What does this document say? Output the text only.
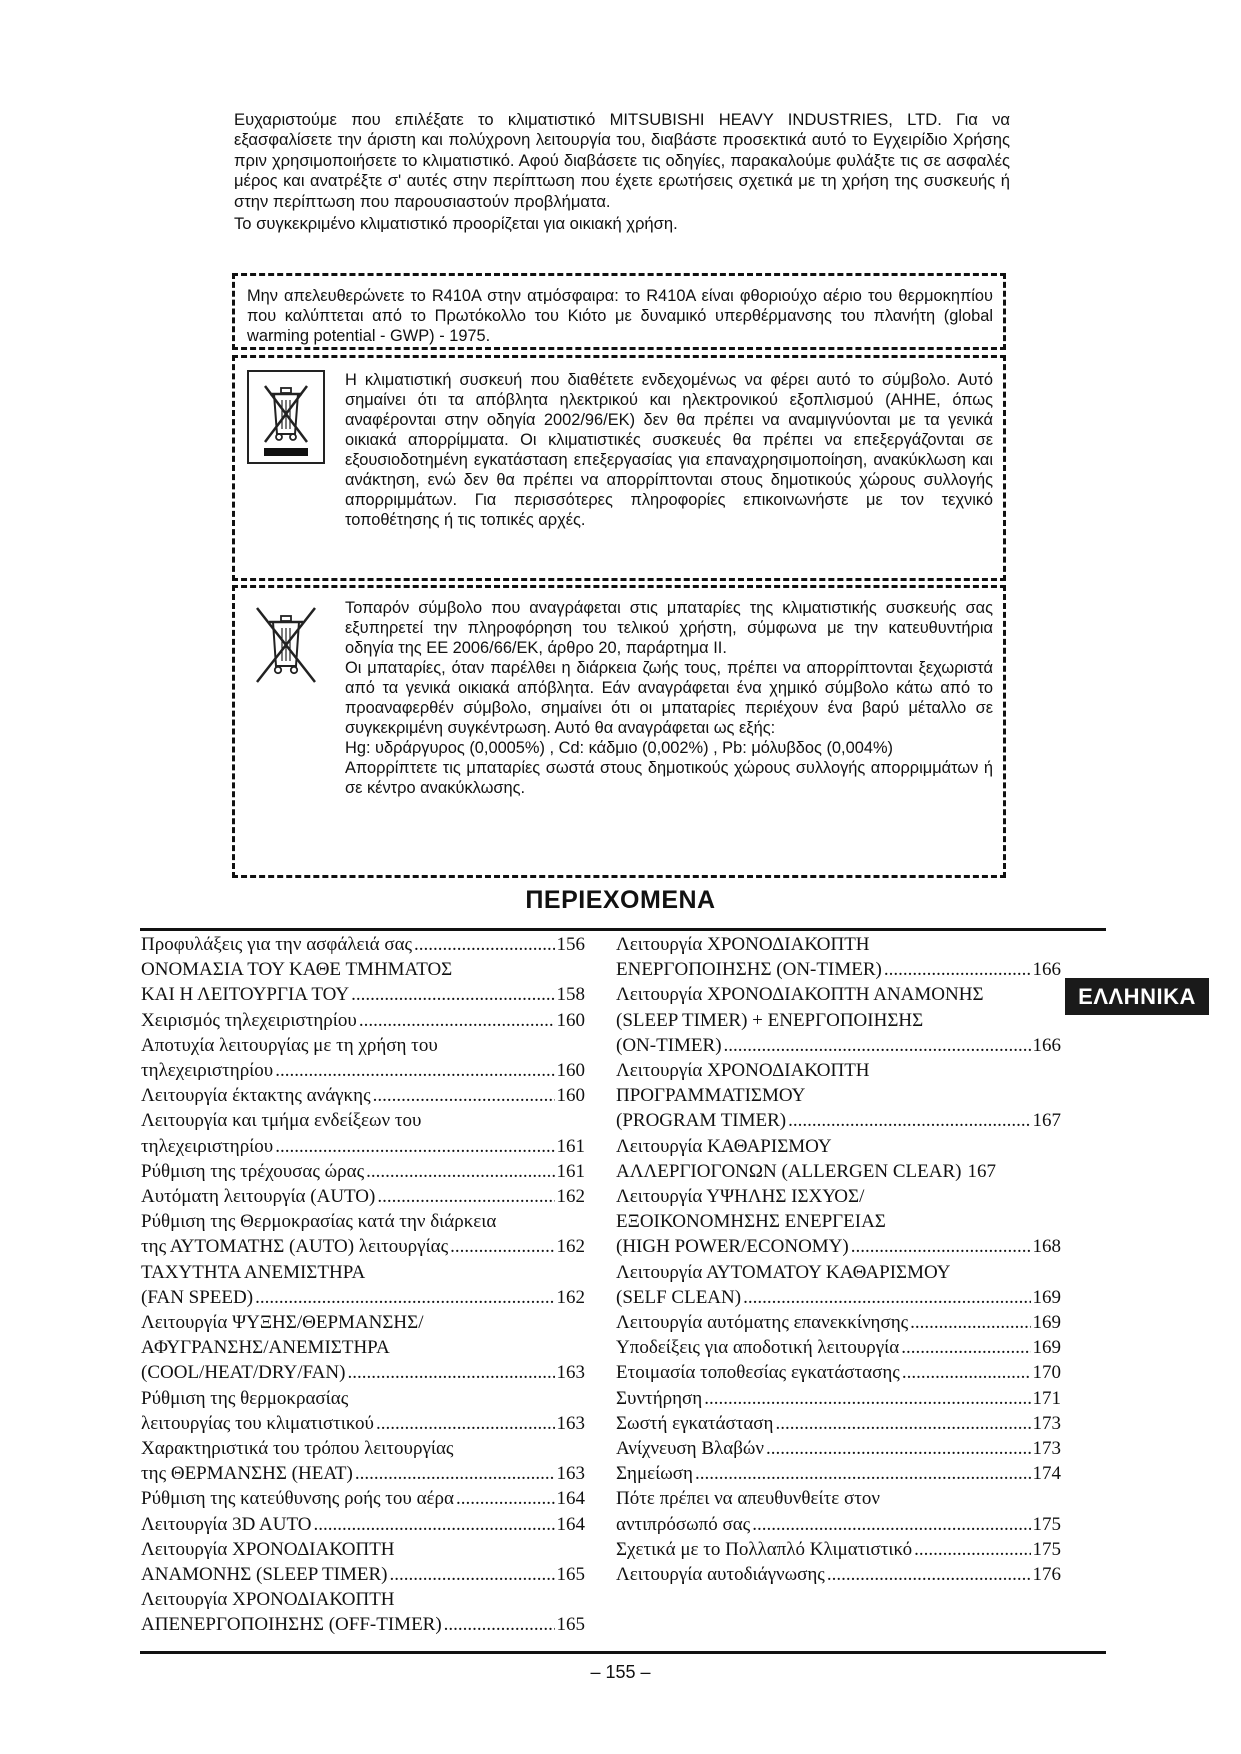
Ευχαριστούμε που επιλέξατε το κλιματιστικό MITSUBISHI HEAVY INDUSTRIES, LTD. Για να εξασφαλίσετε την άριστη και πολύχρονη λειτουργία του, διαβάστε προσεκτικά αυτό το Εγχειρίδιο Χρήσης πριν χρησιμοποιήσετε το κλιματιστικό. Αφού διαβάσετε τις οδηγίες, παρακαλούμε φυλάξτε τις σε ασφαλές μέρος και ανατρέξτε σ' αυτές στην περίπτωση που έχετε ερωτήσεις σχετικά με τη χρήση της συσκευής ή στην περίπτωση που παρουσιαστούν προβλήματα.

Το συγκεκριμένο κλιματιστικό προορίζεται για οικιακή χρήση.

Μην απελευθερώνετε το R410A στην ατμόσφαιρα: το R410A είναι φθοριούχο αέριο του θερμοκηπίου που καλύπτεται από το Πρωτόκολλο του Κιότο με δυναμικό υπερθέρμανσης του πλανήτη (global warming potential - GWP) - 1975.

Η κλιματιστική συσκευή που διαθέτετε ενδεχομένως να φέρει αυτό το σύμβολο. Αυτό σημαίνει ότι τα απόβλητα ηλεκτρικού και ηλεκτρονικού εξοπλισμού (ΑΗΗΕ, όπως αναφέρονται στην οδηγία 2002/96/ΕΚ) δεν θα πρέπει να αναμιγνύονται με τα γενικά οικιακά απορρίμματα. Οι κλιματιστικές συσκευές θα πρέπει να επεξεργάζονται σε εξουσιοδοτημένη εγκατάσταση επεξεργασίας για επαναχρησιμοποίηση, ανακύκλωση και ανάκτηση, ενώ δεν θα πρέπει να απορρίπτονται στους δημοτικούς χώρους συλλογής απορριμμάτων. Για περισσότερες πληροφορίες επικοινωνήστε με τον τεχνικό τοποθέτησης ή τις τοπικές αρχές.

Τοπαρόν σύμβολο που αναγράφεται στις μπαταρίες της κλιματιστικής συσκευής σας εξυπηρετεί την πληροφόρηση του τελικού χρήστη, σύμφωνα με την κατευθυντήρια οδηγία της ΕΕ 2006/66/ΕΚ, άρθρο 20, παράρτημα ΙΙ.

Οι μπαταρίες, όταν παρέλθει η διάρκεια ζωής τους, πρέπει να απορρίπτονται ξεχωριστά από τα γενικά οικιακά απόβλητα. Εάν αναγράφεται ένα χημικό σύμβολο κάτω από το προαναφερθέν σύμβολο, σημαίνει ότι οι μπαταρίες περιέχουν ένα βαρύ μέταλλο σε συγκεκριμένη συγκέντρωση. Αυτό θα αναγράφεται ως εξής:

Hg: υδράργυρος (0,0005%) , Cd: κάδμιο (0,002%) , Pb: μόλυβδος (0,004%)

Απορρίπτετε τις μπαταρίες σωστά στους δημοτικούς χώρους συλλογής απορριμμάτων ή σε κέντρο ανακύκλωσης.

ΠΕΡΙΕΧΟΜΕΝΑ
Προφυλάξεις για την ασφάλειά σας .....	156
ΟΝΟΜΑΣΙΑ ΤΟΥ ΚΑΘΕ ΤΜΗΜΑΤΟΣ
ΚΑΙ Η ΛΕΙΤΟΥΡΓΙΑ ΤΟΥ .....	158
Χειρισμός τηλεχειριστηρίου .....	160
Αποτυχία λειτουργίας με τη χρήση του
τηλεχειριστηρίου .....	160
Λειτουργία έκτακτης ανάγκης .....	160
Λειτουργία και τμήμα ενδείξεων του
τηλεχειριστηρίου .....	161
Ρύθμιση της τρέχουσας ώρας .....	161
Αυτόματη λειτουργία (AUTO) .....	162
Ρύθμιση της Θερμοκρασίας κατά την διάρκεια
της ΑΥΤΟΜΑΤΗΣ (AUTO) λειτουργίας .....	162
ΤΑΧΥΤΗΤΑ ΑΝΕΜΙΣΤΗΡΑ
(FAN SPEED) .....	162
Λειτουργία ΨΥΞΗΣ/ΘΕΡΜΑΝΣΗΣ/
ΑΦΥΓΡΑΝΣΗΣ/ΑΝΕΜΙΣΤΗΡΑ
(COOL/HEAT/DRY/FAN) .....	163
Ρύθμιση της θερμοκρασίας
λειτουργίας του κλιματιστικού .....	163
Χαρακτηριστικά του τρόπου λειτουργίας
της ΘΕΡΜΑΝΣΗΣ (HEAT) .....	163
Ρύθμιση της κατεύθυνσης ροής του αέρα .....	164
Λειτουργία 3D AUTO .....	164
Λειτουργία ΧΡΟΝΟΔΙΑΚΟΠΤΗ
ΑΝΑΜΟΝΗΣ (SLEEP TIMER) .....	165
Λειτουργία ΧΡΟΝΟΔΙΑΚΟΠΤΗ
ΑΠΕΝΕΡΓΟΠΟΙΗΣΗΣ (OFF-TIMER) .....	165
Λειτουργία ΧΡΟΝΟΔΙΑΚΟΠΤΗ
ΕΝΕΡΓΟΠΟΙΗΣΗΣ (ON-TIMER) .....	166
Λειτουργία ΧΡΟΝΟΔΙΑΚΟΠΤΗ ΑΝΑΜΟΝΗΣ
(SLEEP TIMER) + ΕΝΕΡΓΟΠΟΙΗΣΗΣ
(ON-TIMER) .....	166
Λειτουργία ΧΡΟΝΟΔΙΑΚΟΠΤΗ
ΠΡΟΓΡΑΜΜΑΤΙΣΜΟΥ
(PROGRAM TIMER) .....	167
Λειτουργία ΚΑΘΑΡΙΣΜΟΥ
ΑΛΛΕΡΓΙΟΓΟΝΩΝ (ALLERGEN CLEAR) 167
Λειτουργία ΥΨΗΛΗΣ ΙΣΧΥΟΣ/
ΕΞΟΙΚΟΝΟΜΗΣΗΣ ΕΝΕΡΓΕΙΑΣ
(HIGH POWER/ECONOMY) .....	168
Λειτουργία ΑΥΤΟΜΑΤΟΥ ΚΑΘΑΡΙΣΜΟΥ
(SELF CLEAN) .....	169
Λειτουργία αυτόματης επανεκκίνησης .....	169
Υποδείξεις για αποδοτική λειτουργία .....	169
Ετοιμασία τοποθεσίας εγκατάστασης .....	170
Συντήρηση .....	171
Σωστή εγκατάσταση .....	173
Ανίχνευση Βλαβών .....	173
Σημείωση .....	174
Πότε πρέπει να απευθυνθείτε στον
αντιπρόσωπό σας .....	175
Σχετικά με το Πολλαπλό Κλιματιστικό .....	175
Λειτουργία αυτοδιάγνωσης .....	176
ΕΛΛΗΝΙΚΑ
– 155 –
